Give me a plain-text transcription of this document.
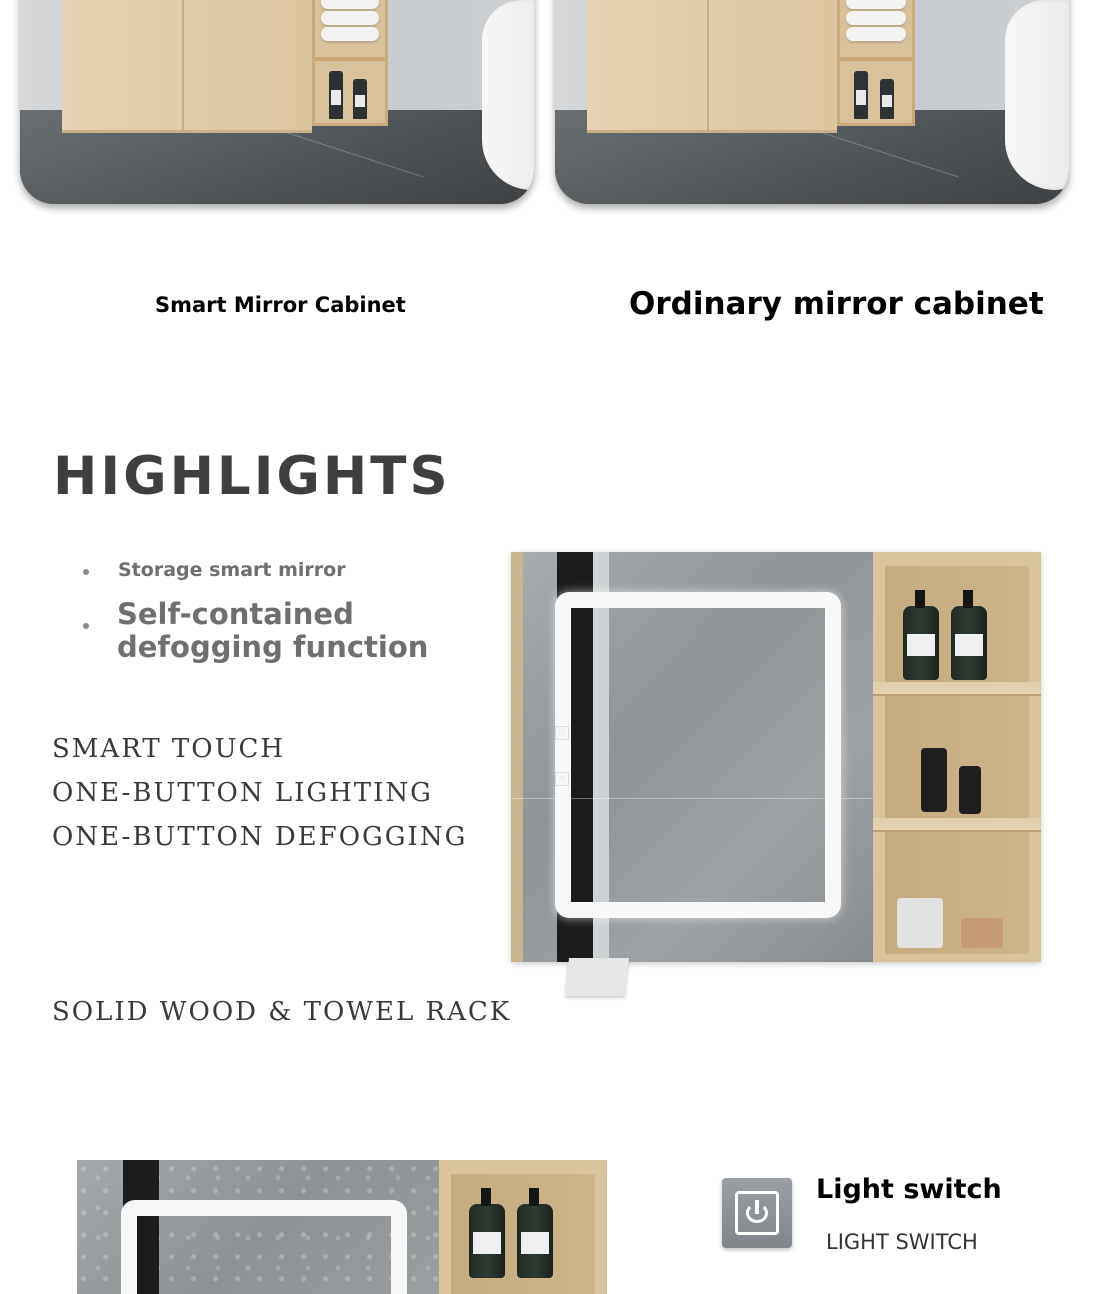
Smart Mirror Cabinet	Ordinary mirror cabinet
HIGHLIGHTS
Storage smart mirror
Self-contained
defogging function
SMART TOUCH
ONE-BUTTON LIGHTING
ONE-BUTTON DEFOGGING
SOLID WOOD & TOWEL RACK
⏻
≋
Light switch
LIGHT SWITCH
